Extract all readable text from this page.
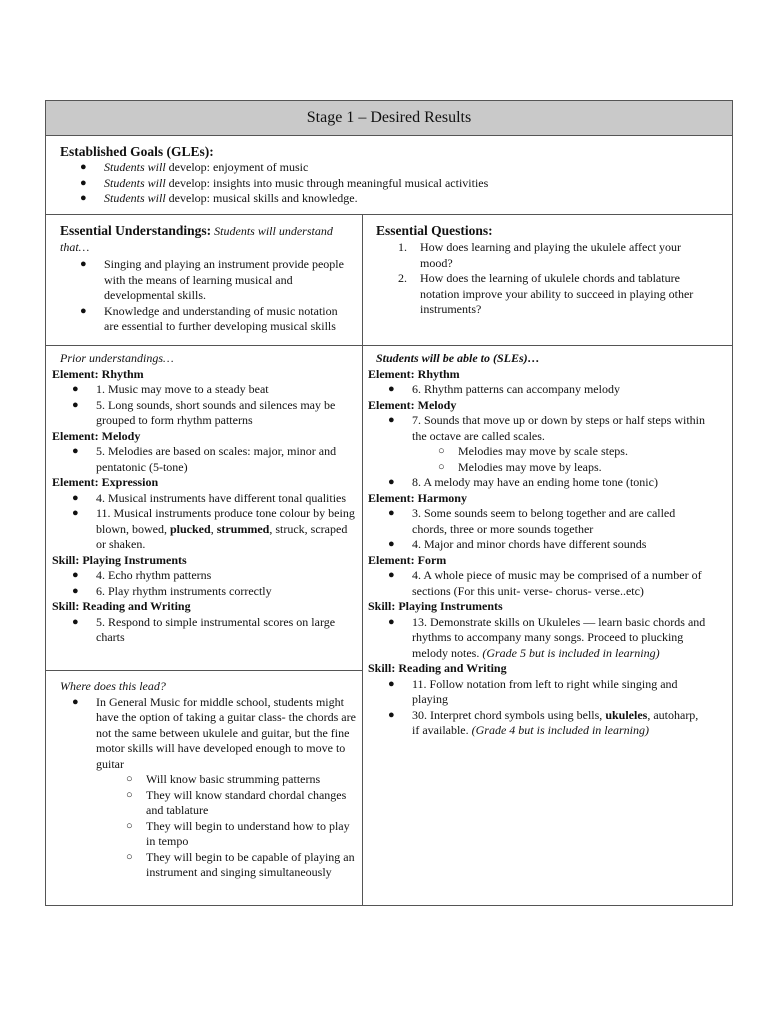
Stage 1 – Desired Results
Established Goals (GLEs):
● Students will develop: enjoyment of music
● Students will develop: insights into music through meaningful musical activities
● Students will develop: musical skills and knowledge.
Essential Understandings: Students will understand that…
● Singing and playing an instrument provide people with the means of learning musical and developmental skills.
● Knowledge and understanding of music notation are essential to further developing musical skills
Essential Questions:
1. How does learning and playing the ukulele affect your mood?
2. How does the learning of ukulele chords and tablature notation improve your ability to succeed in playing other instruments?
Prior understandings…
Element: Rhythm
● 1. Music may move to a steady beat
● 5. Long sounds, short sounds and silences may be grouped to form rhythm patterns
Element: Melody
● 5. Melodies are based on scales: major, minor and pentatonic (5-tone)
Element: Expression
● 4. Musical instruments have different tonal qualities
● 11. Musical instruments produce tone colour by being blown, bowed, plucked, strummed, struck, scraped or shaken.
Skill: Playing Instruments
● 4. Echo rhythm patterns
● 6. Play rhythm instruments correctly
Skill: Reading and Writing
● 5. Respond to simple instrumental scores on large charts
Where does this lead?
● In General Music for middle school, students might have the option of taking a guitar class- the chords are not the same between ukulele and guitar, but the fine motor skills will have developed enough to move to guitar
○ Will know basic strumming patterns
○ They will know standard chordal changes and tablature
○ They will begin to understand how to play in tempo
○ They will begin to be capable of playing an instrument and singing simultaneously
Students will be able to (SLEs)…
Element: Rhythm
● 6. Rhythm patterns can accompany melody
Element: Melody
● 7. Sounds that move up or down by steps or half steps within the octave are called scales.
○ Melodies may move by scale steps.
○ Melodies may move by leaps.
● 8. A melody may have an ending home tone (tonic)
Element: Harmony
● 3. Some sounds seem to belong together and are called chords, three or more sounds together
● 4. Major and minor chords have different sounds
Element: Form
● 4. A whole piece of music may be comprised of a number of sections (For this unit- verse- chorus- verse..etc)
Skill: Playing Instruments
● 13. Demonstrate skills on Ukuleles — learn basic chords and rhythms to accompany many songs. Proceed to plucking melody notes. (Grade 5 but is included in learning)
Skill: Reading and Writing
● 11. Follow notation from left to right while singing and playing
● 30. Interpret chord symbols using bells, ukuleles, autoharp, if available. (Grade 4 but is included in learning)
